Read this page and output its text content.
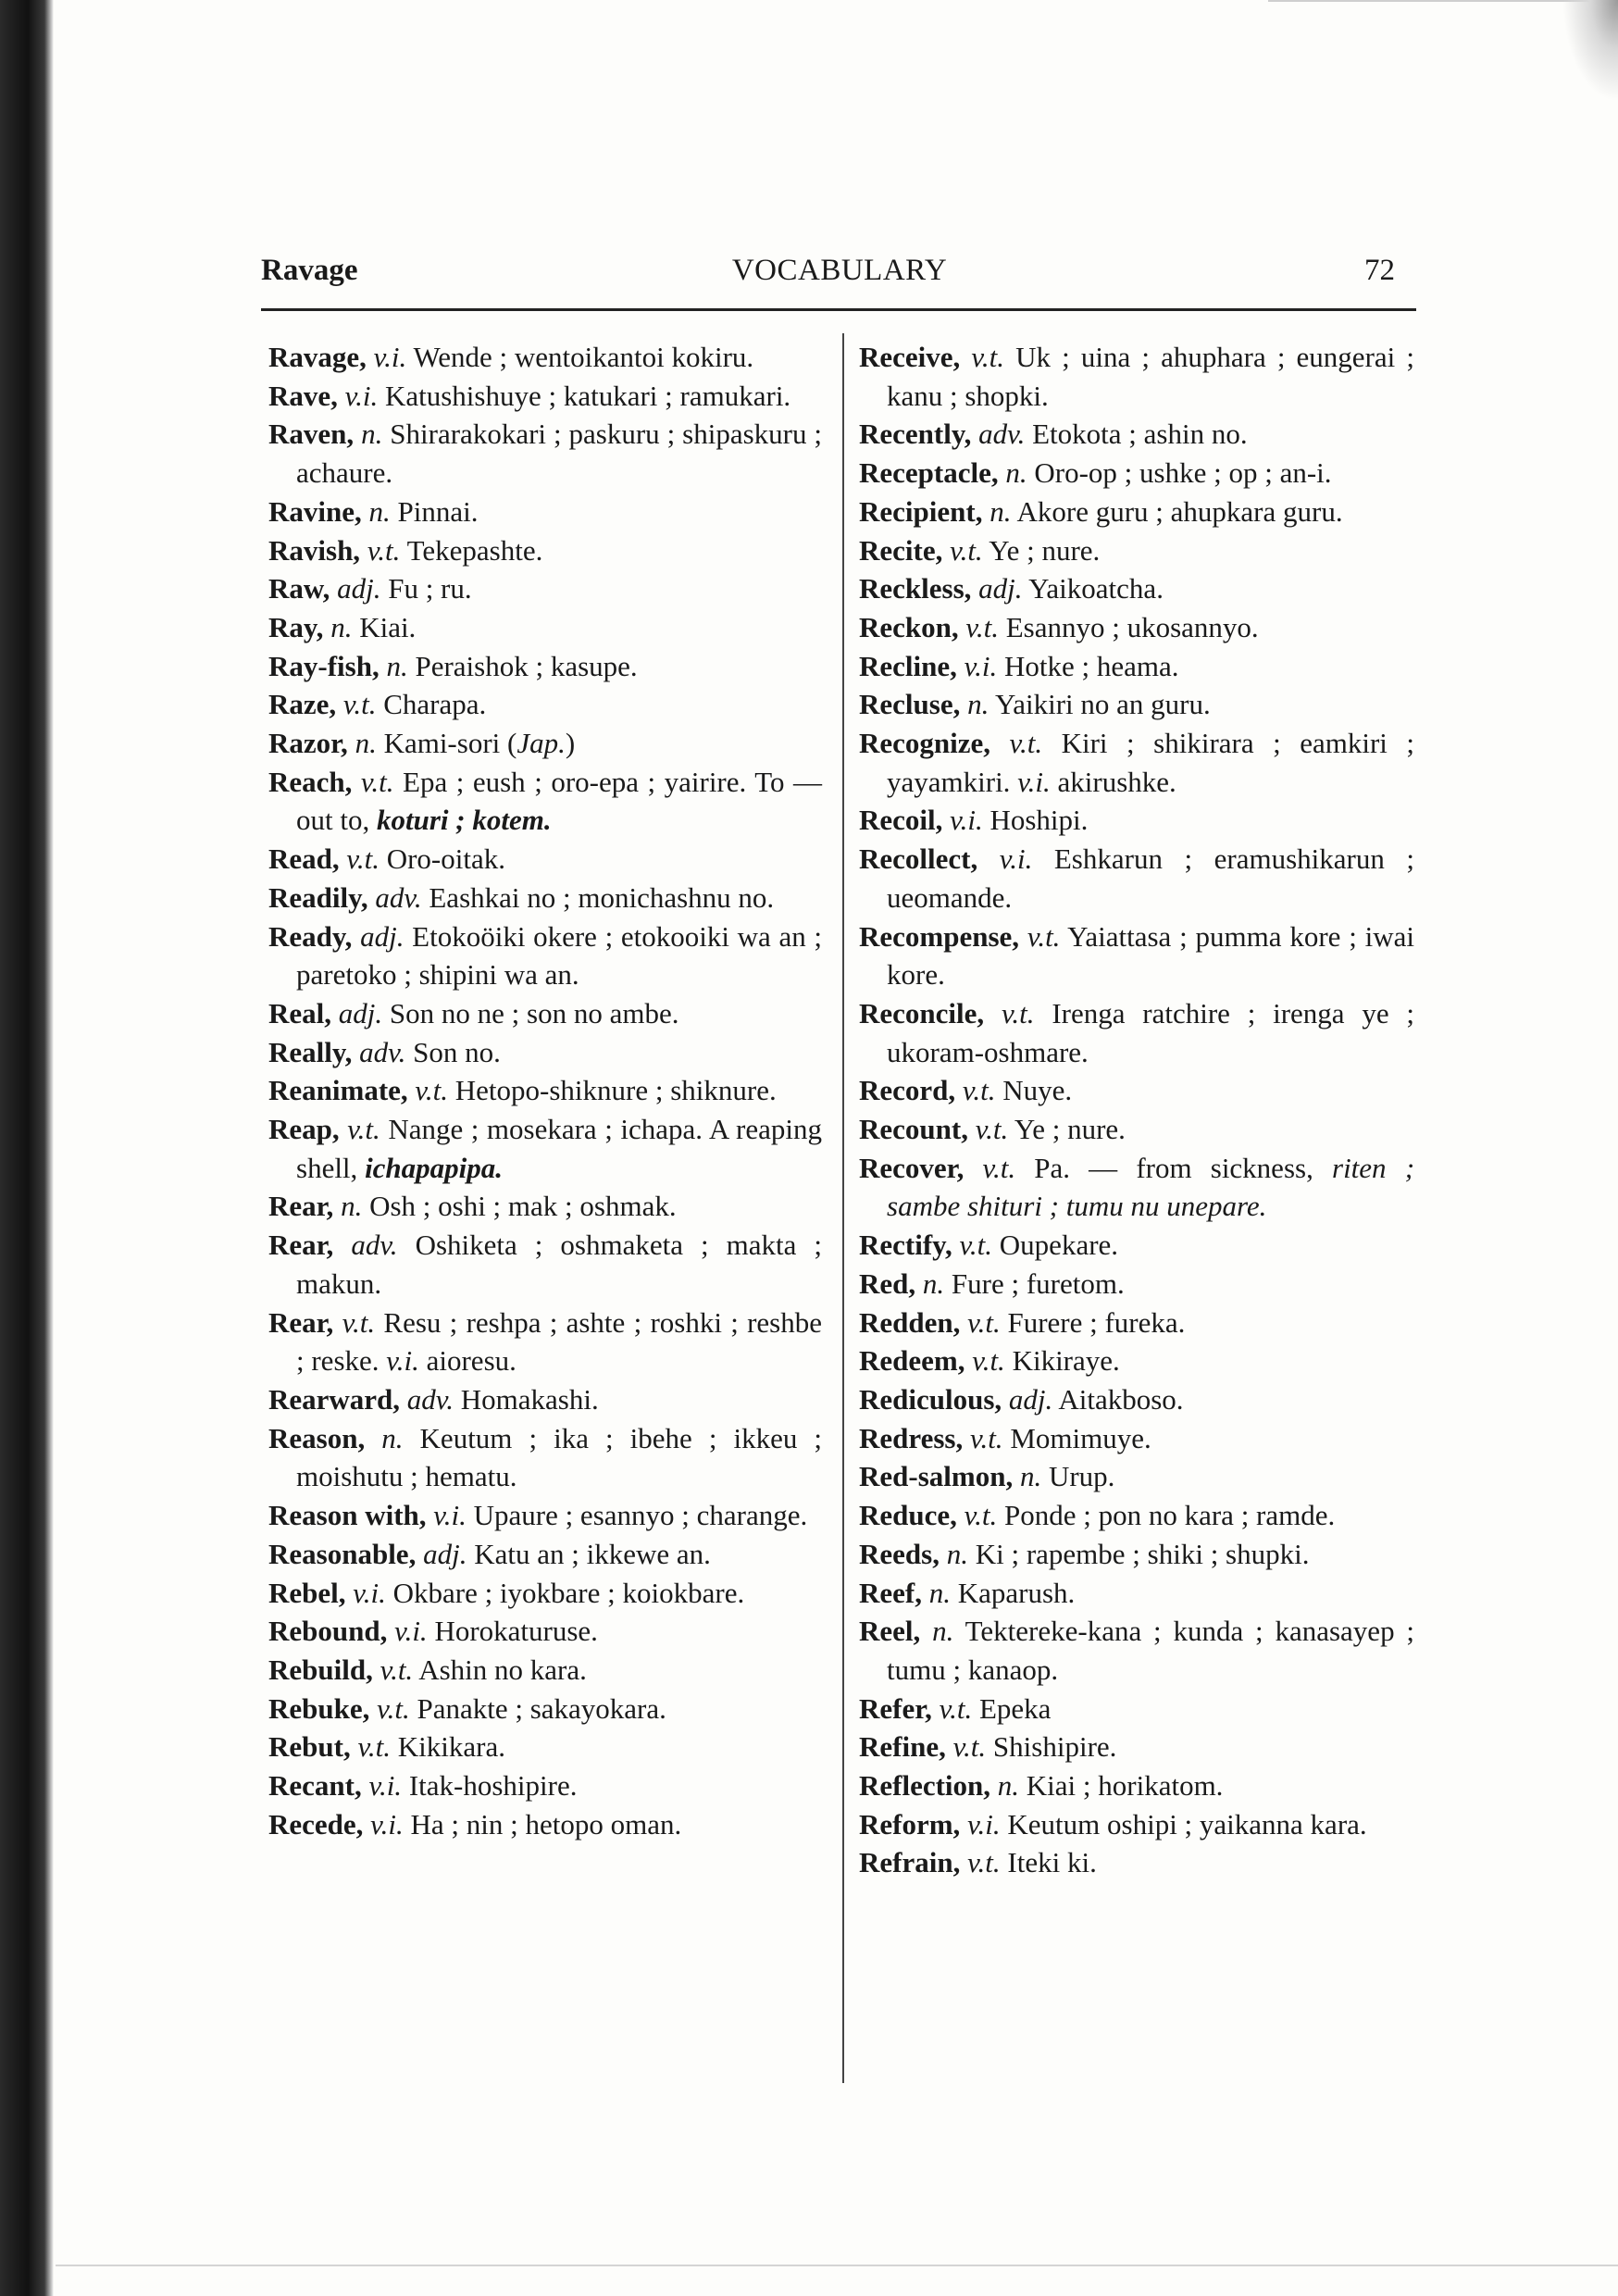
Ravage	VOCABULARY	72

Ravage, v.i. Wende ; wentoikantoi kokiru.

Rave, v.i. Katushishuye ; katukari ; ramukari.

Raven, n. Shirarakokari ; paskuru ; shipaskuru ; achaure.

Ravine, n. Pinnai.

Ravish, v.t. Tekepashte.

Raw, adj. Fu ; ru.

Ray, n. Kiai.

Ray-fish, n. Peraishok ; kasupe.

Raze, v.t. Charapa.

Razor, n. Kami-sori (Jap.)

Reach, v.t. Epa ; eush ; oro-epa ; yairire. To — out to, koturi ; kotem.

Read, v.t. Oro-oitak.

Readily, adv. Eashkai no ; monichashnu no.

Ready, adj. Etokoöiki okere ; etokooiki wa an ; paretoko ; shipini wa an.

Real, adj. Son no ne ; son no ambe.

Really, adv. Son no.

Reanimate, v.t. Hetopo-shiknure ; shiknure.

Reap, v.t. Nange ; mosekara ; ichapa. A reaping shell, ichapapipa.

Rear, n. Osh ; oshi ; mak ; oshmak.

Rear, adv. Oshiketa ; oshmaketa ; makta ; makun.

Rear, v.t. Resu ; reshpa ; ashte ; roshki ; reshbe ; reske. v.i. aioresu.

Rearward, adv. Homakashi.

Reason, n. Keutum ; ika ; ibehe ; ikkeu ; moishutu ; hematu.

Reason with, v.i. Upaure ; esannyo ; charange.

Reasonable, adj. Katu an ; ikkewe an.

Rebel, v.i. Okbare ; iyokbare ; koiokbare.

Rebound, v.i. Horokaturuse.

Rebuild, v.t. Ashin no kara.

Rebuke, v.t. Panakte ; sakayokara.

Rebut, v.t. Kikikara.

Recant, v.i. Itak-hoshipire.

Recede, v.i. Ha ; nin ; hetopo oman.

Receive, v.t. Uk ; uina ; ahuphara ; eungerai ; kanu ; shopki.

Recently, adv. Etokota ; ashin no.

Receptacle, n. Oro-op ; ushke ; op ; an-i.

Recipient, n. Akore guru ; ahupkara guru.

Recite, v.t. Ye ; nure.

Reckless, adj. Yaikoatcha.

Reckon, v.t. Esannyo ; ukosannyo.

Recline, v.i. Hotke ; heama.

Recluse, n. Yaikiri no an guru.

Recognize, v.t. Kiri ; shikirara ; eamkiri ; yayamkiri. v.i. akirushke.

Recoil, v.i. Hoshipi.

Recollect, v.i. Eshkarun ; eramushikarun ; ueomande.

Recompense, v.t. Yaiattasa ; pumma kore ; iwai kore.

Reconcile, v.t. Irenga ratchire ; irenga ye ; ukoram-oshmare.

Record, v.t. Nuye.

Recount, v.t. Ye ; nure.

Recover, v.t. Pa. — from sickness, riten ; sambe shituri ; tumu nu unepare.

Rectify, v.t. Oupekare.

Red, n. Fure ; furetom.

Redden, v.t. Furere ; fureka.

Redeem, v.t. Kikiraye.

Rediculous, adj. Aitakboso.

Redress, v.t. Momimuye.

Red-salmon, n. Urup.

Reduce, v.t. Ponde ; pon no kara ; ramde.

Reeds, n. Ki ; rapembe ; shiki ; shupki.

Reef, n. Kaparush.

Reel, n. Tektereke-kana ; kunda ; kanasayep ; tumu ; kanaop.

Refer, v.t. Epeka

Refine, v.t. Shishipire.

Reflection, n. Kiai ; horikatom.

Reform, v.i. Keutum oshipi ; yaikanna kara.

Refrain, v.t. Iteki ki.
